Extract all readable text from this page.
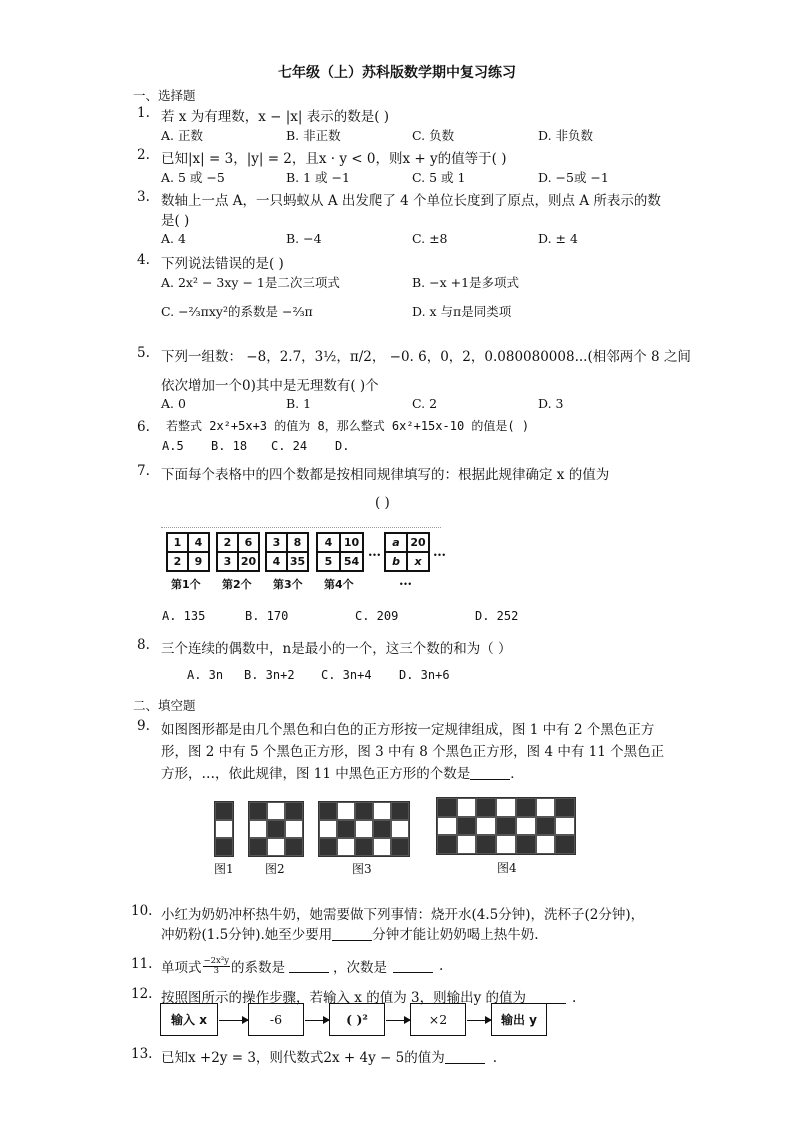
七年级（上）苏科版数学期中复习练习
一、选择题
1. 若 x 为有理数，x − |x| 表示的数是( )
A. 正数	B. 非正数	C. 负数	D. 非负数
2. 已知|x| = 3，|y| = 2，且x · y < 0，则x + y的值等于( )
A. 5 或 −5	B. 1 或 −1	C. 5 或 1	D. −5或 −1
3. 数轴上一点 A，一只蚂蚁从 A 出发爬了 4 个单位长度到了原点，则点 A 所表示的数
是( )
A. 4	B. −4	C. ±8	D. ± 4
4. 下列说法错误的是( )
A. 2x² − 3xy − 1是二次三项式	B. −x +1是多项式
C. −⅔πxy²的系数是 −⅔π	D. x 与π是同类项
5. 下列一组数： −8，2.7，3½，π/2， −0. 6̇，0，2，0.080080008...(相邻两个 8 之间
依次增加一个0)其中是无理数有( )个
A. 0	B. 1	C. 2	D. 3
6. 若整式 2x²+5x+3 的值为 8，那么整式 6x²+15x-10 的值是( )
A.5 B. 18 C. 24 D.
7. 下面每个表格中的四个数都是按相同规律填写的：根据此规律确定 x 的值为
( )
1	4
2	9
2	6
3 20
3	8
4 35
4	10
5	54
…
a 20
b	x
…
第1个 第2个 第3个 第4个	…
A. 135	B. 170	C. 209	D. 252
8. 三个连续的偶数中，n是最小的一个，这三个数的和为（ ）
A. 3n B. 3n+2 C. 3n+4 D. 3n+6
二、填空题
9. 如图图形都是由几个黑色和白色的正方形按一定规律组成，图 1 中有 2 个黑色正方
形，图 2 中有 5 个黑色正方形，图 3 中有 8 个黑色正方形，图 4 中有 11 个黑色正
方形，…，依此规律，图 11 中黑色正方形的个数是	．
图1	图2	图3	图4
10. 小红为奶奶冲杯热牛奶，她需要做下列事情：烧开水(4.5分钟)，洗杯子(2分钟)，
冲奶粉(1.5分钟).她至少要用	分钟才能让奶奶喝上热牛奶.
11. 单项式 $\frac{\text{−2x²y}}{3}$ 的系数是	，次数是	.
12. 按照图所示的操作步骤，若输入 x 的值为 3，则输出y 的值为	.
输入 x	-6	( )²	×2	输出 y
13. 已知x +2y = 3，则代数式2x + 4y − 5的值为	.
